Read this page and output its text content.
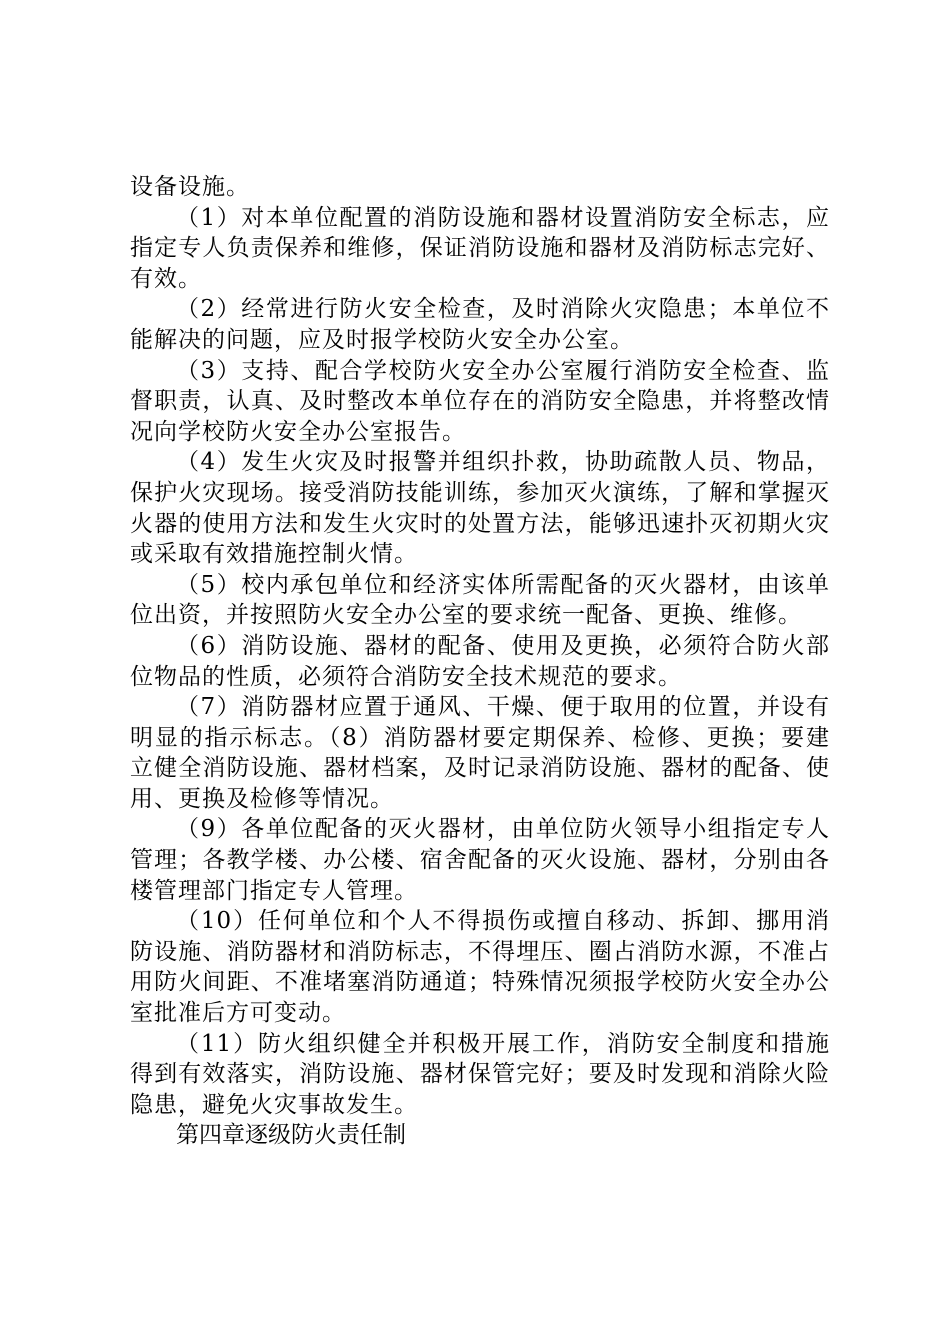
设备设施。

（1）对本单位配置的消防设施和器材设置消防安全标志，应指定专人负责保养和维修，保证消防设施和器材及消防标志完好、有效。

（2）经常进行防火安全检查，及时消除火灾隐患；本单位不能解决的问题，应及时报学校防火安全办公室。

（3）支持、配合学校防火安全办公室履行消防安全检查、监督职责，认真、及时整改本单位存在的消防安全隐患，并将整改情况向学校防火安全办公室报告。

（4）发生火灾及时报警并组织扑救，协助疏散人员、物品，保护火灾现场。接受消防技能训练，参加灭火演练，了解和掌握灭火器的使用方法和发生火灾时的处置方法，能够迅速扑灭初期火灾或采取有效措施控制火情。

（5）校内承包单位和经济实体所需配备的灭火器材，由该单位出资，并按照防火安全办公室的要求统一配备、更换、维修。

（6）消防设施、器材的配备、使用及更换，必须符合防火部位物品的性质，必须符合消防安全技术规范的要求。

（7）消防器材应置于通风、干燥、便于取用的位置，并设有明显的指示标志。（8）消防器材要定期保养、检修、更换；要建立健全消防设施、器材档案，及时记录消防设施、器材的配备、使用、更换及检修等情况。

（9）各单位配备的灭火器材，由单位防火领导小组指定专人管理；各教学楼、办公楼、宿舍配备的灭火设施、器材，分别由各楼管理部门指定专人管理。

（10）任何单位和个人不得损伤或擅自移动、拆卸、挪用消防设施、消防器材和消防标志，不得埋压、圈占消防水源，不准占用防火间距、不准堵塞消防通道；特殊情况须报学校防火安全办公室批准后方可变动。

（11）防火组织健全并积极开展工作，消防安全制度和措施得到有效落实，消防设施、器材保管完好；要及时发现和消除火险隐患，避免火灾事故发生。

第四章逐级防火责任制
